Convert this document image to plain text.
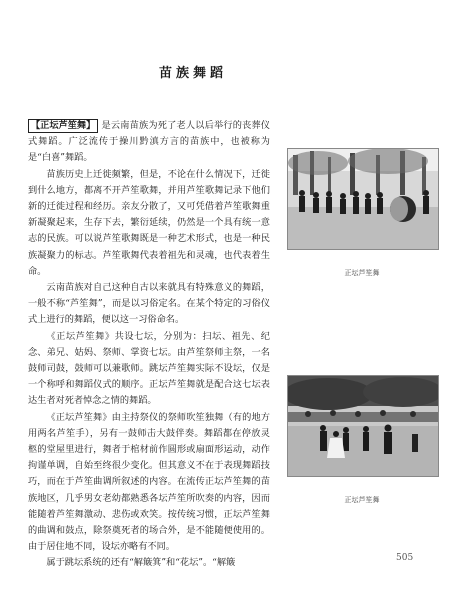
苗族舞蹈

【正坛芦笙舞】 是云南苗族为死了老人以后举行的丧葬仪式舞蹈。广泛流传于操川黔滇方言的苗族中，也被称为是“白喜”舞蹈。

苗族历史上迁徙频繁，但是，不论在什么情况下，迁徙到什么地方，都离不开芦笙歌舞，并用芦笙歌舞记录下他们新的迁徙过程和经历。亲友分散了，又可凭借着芦笙歌舞重新凝聚起来，生存下去，繁衍延续，仍然是一个具有统一意志的民族。可以说芦笙歌舞既是一种艺术形式，也是一种民族凝聚力的标志。芦笙歌舞代表着祖先和灵魂，也代表着生命。

云南苗族对自己这种自古以来就具有特殊意义的舞蹈，一般不称“芦笙舞”，而是以习俗定名。在某个特定的习俗仪式上进行的舞蹈，便以这一习俗命名。

《正坛芦笙舞》共设七坛，分别为：扫坛、祖先、纪念、弟兄、姑妈、祭师、掌资七坛。由芦笙祭师主祭，一名鼓师司鼓，鼓师可以兼歌师。跳坛芦笙舞实际不设坛，仅是一个称呼和舞蹈仪式的顺序。正坛芦笙舞就是配合这七坛表达生者对死者悼念之情的舞蹈。

《正坛芦笙舞》由主持祭仪的祭师吹笙独舞（有的地方用两名芦笙手），另有一鼓师击大鼓伴奏。舞蹈都在停放灵柩的堂屋里进行，舞者于棺材前作圆形或扇面形运动，动作拘谨单调，自始至终很少变化。但其意义不在于表现舞蹈技巧，而在于芦笙曲调所叙述的内容。在流传正坛芦笙舞的苗族地区，几乎男女老幼都熟悉各坛芦笙所吹奏的内容，因而能随着芦笙舞激动、悲伤或欢笑。按传统习惯，正坛芦笙舞的曲调和鼓点，除祭奠死者的场合外，是不能随便使用的。由于居住地不同，设坛亦略有不同。

属于跳坛系统的还有“解簸箕”和“花坛”。“解簸

正坛芦笙舞
正坛芦笙舞
505
